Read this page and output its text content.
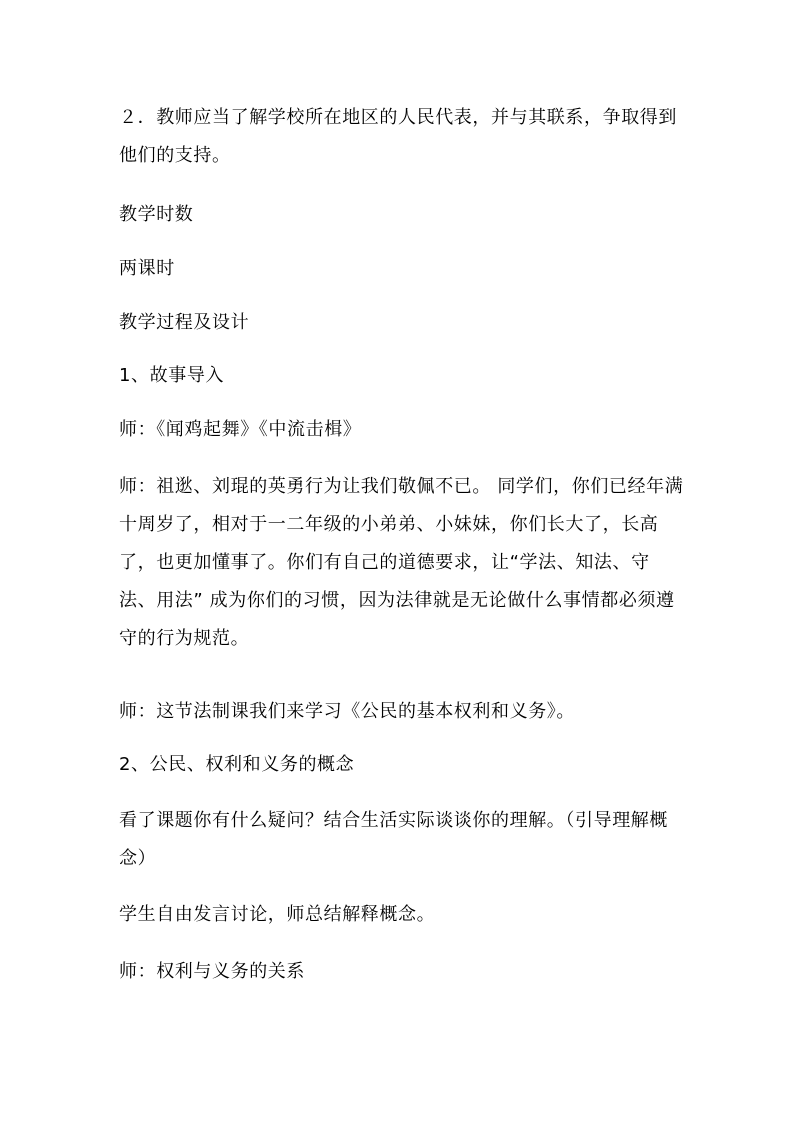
２．教师应当了解学校所在地区的人民代表，并与其联系，争取得到他们的支持。

教学时数

两课时

教学过程及设计

1、故事导入

师：《闻鸡起舞》《中流击楫》

师：祖逖、刘琨的英勇行为让我们敬佩不已。 同学们，你们已经年满十周岁了，相对于一二年级的小弟弟、小妹妹，你们长大了，长高了，也更加懂事了。你们有自己的道德要求，让“学法、知法、守法、用法” 成为你们的习惯，因为法律就是无论做什么事情都必须遵守的行为规范。

师：这节法制课我们来学习《公民的基本权利和义务》。

2、公民、权利和义务的概念

看了课题你有什么疑问？结合生活实际谈谈你的理解。（引导理解概念）

学生自由发言讨论，师总结解释概念。

师：权利与义务的关系
